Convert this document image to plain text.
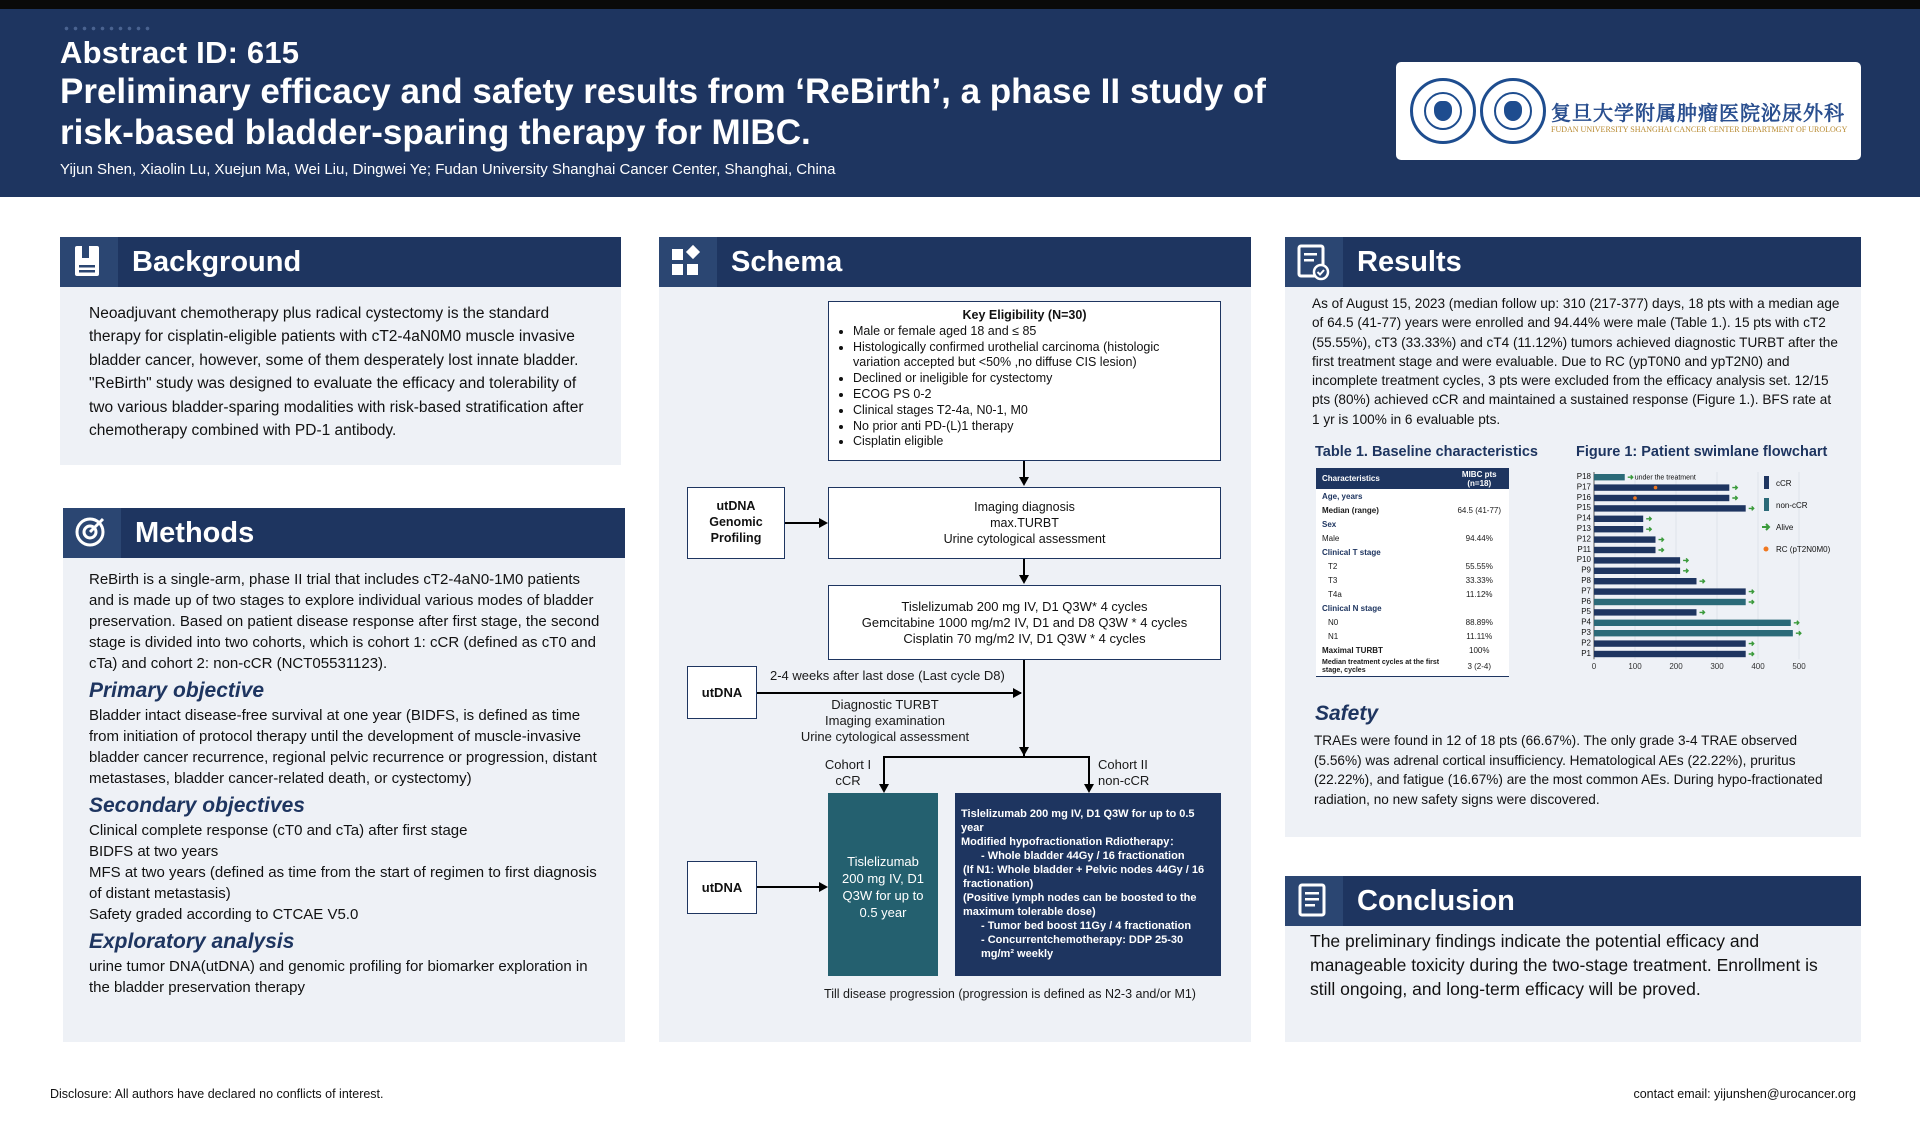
Abstract ID: 615
Preliminary efficacy and safety results from ‘ReBirth’, a phase II study of
risk-based bladder-sparing therapy for MIBC.
Yijun Shen, Xiaolin Lu, Xuejun Ma, Wei Liu, Dingwei Ye; Fudan University Shanghai Cancer Center, Shanghai, China
复旦大学附属肿瘤医院泌尿外科
FUDAN UNIVERSITY SHANGHAI CANCER CENTER DEPARTMENT OF UROLOGY
Background
Neoadjuvant chemotherapy plus radical cystectomy is the standard therapy for cisplatin-eligible patients with cT2-4aN0M0 muscle invasive bladder cancer, however, some of them desperately lost innate bladder. "ReBirth" study was designed to evaluate the efficacy and tolerability of two various bladder-sparing modalities with risk-based stratification after chemotherapy combined with PD-1 antibody.
Methods
ReBirth is a single-arm, phase II trial that includes cT2-4aN0-1M0 patients and is made up of two stages to explore individual various modes of bladder preservation. Based on patient disease response after first stage, the second stage is divided into two cohorts, which is cohort 1: cCR (defined as cT0 and cTa) and cohort 2: non-cCR (NCT05531123).
Primary objective
Bladder intact disease-free survival at one year (BIDFS, is defined as time from initiation of protocol therapy until the development of muscle-invasive bladder cancer recurrence, regional pelvic recurrence or progression, distant metastases, bladder cancer-related death, or cystectomy)
Secondary objectives
Clinical complete response (cT0 and cTa) after first stage
BIDFS at two years
MFS at two years (defined as time from the start of regimen to first diagnosis of distant metastasis)
Safety graded according to CTCAE V5.0
Exploratory analysis
urine tumor DNA(utDNA) and genomic profiling for biomarker exploration in the bladder preservation therapy
Schema
Key Eligibility (N=30)
• Male or female aged 18 and ≤ 85
• Histologically confirmed urothelial carcinoma (histologic variation accepted but <50% ,no diffuse CIS lesion)
• Declined or ineligible for cystectomy
• ECOG PS 0-2
• Clinical stages T2-4a, N0-1, M0
• No prior anti PD-(L)1 therapy
• Cisplatin eligible
utDNA
Genomic
Profiling
Imaging diagnosis
max.TURBT
Urine cytological assessment
Tislelizumab 200 mg IV, D1 Q3W* 4 cycles
Gemcitabine 1000 mg/m2 IV, D1 and D8 Q3W * 4 cycles
Cisplatin 70 mg/m2 IV, D1 Q3W * 4 cycles
utDNA
2-4 weeks after last dose (Last cycle D8)
Diagnostic TURBT
Imaging examination
Urine cytological assessment
Cohort I
cCR
Cohort II
non-cCR
Tislelizumab 200 mg IV, D1 Q3W for up to 0.5 year
Tislelizumab 200 mg IV, D1 Q3W for up to 0.5 year
Modified hypofractionation Rdiotherapy：
- Whole bladder 44Gy / 16 fractionation
(If N1: Whole bladder + Pelvic nodes 44Gy / 16 fractionation)
(Positive lymph nodes can be boosted to the maximum tolerable dose)
- Tumor bed boost 11Gy / 4 fractionation
- Concurrentchemotherapy: DDP 25-30 mg/m² weekly
utDNA
Till disease progression (progression is defined as N2-3 and/or M1)
Results
As of August 15, 2023 (median follow up: 310 (217-377) days, 18 pts with a median age of 64.5 (41-77) years were enrolled and 94.44% were male (Table 1.). 15 pts with cT2 (55.55%), cT3 (33.33%) and cT4 (11.12%) tumors achieved diagnostic TURBT after the first treatment stage and were evaluable. Due to RC (ypT0N0 and ypT2N0) and incomplete treatment cycles, 3 pts were excluded from the efficacy analysis set. 12/15 pts (80%) achieved cCR and maintained a sustained response (Figure 1.). BFS rate at 1 yr is 100% in 6 evaluable pts.
Table 1. Baseline characteristics
Characteristics	MIBC pts (n=18)
Age, years	
Median (range)	64.5 (41-77)
Sex	
Male	94.44%
Clinical T stage	
T2	55.55%
T3	33.33%
T4a	11.12%
Clinical N stage	
N0	88.89%
N1	11.11%
Maximal TURBT	100%
Median treatment cycles at the first stage, cycles	3 (2-4)
Figure 1: Patient swimlane flowchart
0	100	200	300	400	500
P18
P17
P16
P15
P14
P13
P12
P11
P10
P9
P8
P7
P6
P5
P4
P3
P2
P1
under the treatment
cCR
non-cCR
Alive
RC (pT2N0M0)
Safety
TRAEs were found in 12 of 18 pts (66.67%). The only grade 3-4 TRAE observed (5.56%) was adrenal cortical insufficiency. Hematological AEs (22.22%), pruritus (22.22%), and fatigue (16.67%) are the most common AEs. During hypo-fractionated radiation, no new safety signs were discovered.
Conclusion
The preliminary findings indicate the potential efficacy and manageable toxicity during the two-stage treatment. Enrollment is still ongoing, and long-term efficacy will be proved.
Disclosure: All authors have declared no conflicts of interest.	contact email: yijunshen@urocancer.org
